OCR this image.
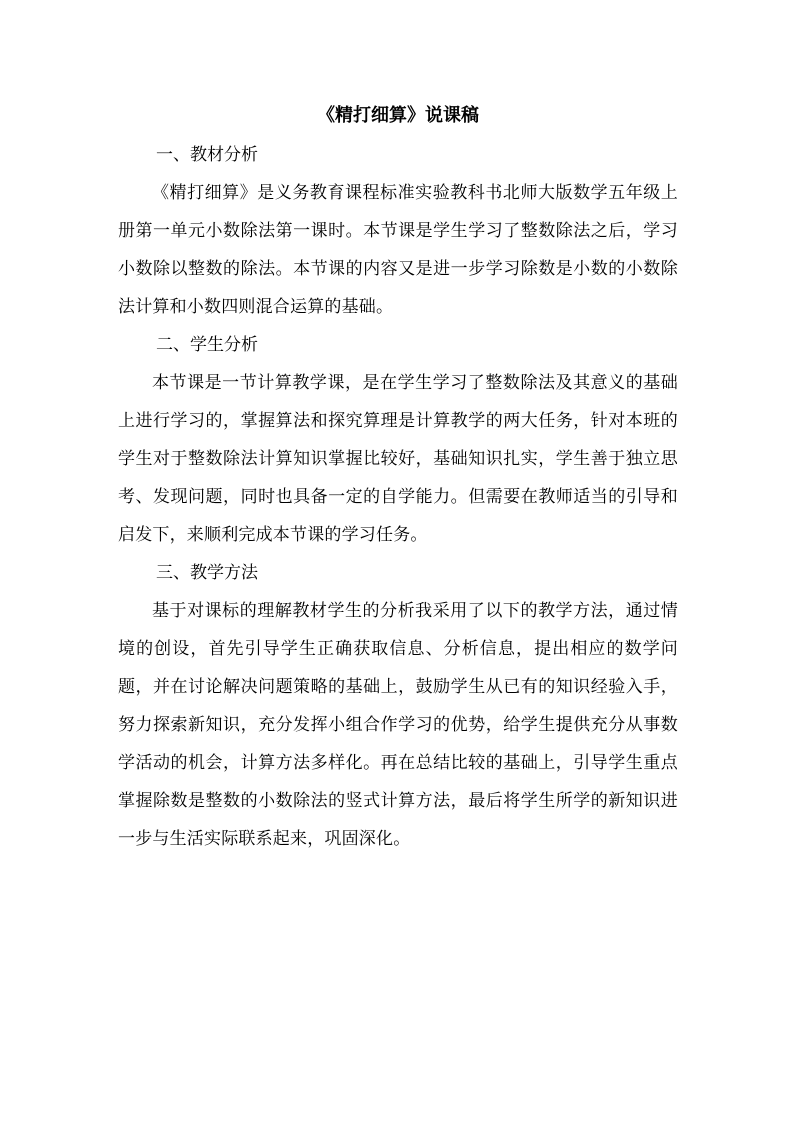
《精打细算》说课稿

一、教材分析

《精打细算》是义务教育课程标准实验教科书北师大版数学五年级上册第一单元小数除法第一课时。本节课是学生学习了整数除法之后，学习小数除以整数的除法。本节课的内容又是进一步学习除数是小数的小数除法计算和小数四则混合运算的基础。

二、学生分析

本节课是一节计算教学课，是在学生学习了整数除法及其意义的基础上进行学习的，掌握算法和探究算理是计算教学的两大任务，针对本班的学生对于整数除法计算知识掌握比较好，基础知识扎实，学生善于独立思考、发现问题，同时也具备一定的自学能力。但需要在教师适当的引导和启发下，来顺利完成本节课的学习任务。

三、教学方法

基于对课标的理解教材学生的分析我采用了以下的教学方法，通过情境的创设，首先引导学生正确获取信息、分析信息，提出相应的数学问题，并在讨论解决问题策略的基础上，鼓励学生从已有的知识经验入手，努力探索新知识，充分发挥小组合作学习的优势，给学生提供充分从事数学活动的机会，计算方法多样化。再在总结比较的基础上，引导学生重点掌握除数是整数的小数除法的竖式计算方法，最后将学生所学的新知识进一步与生活实际联系起来，巩固深化。
